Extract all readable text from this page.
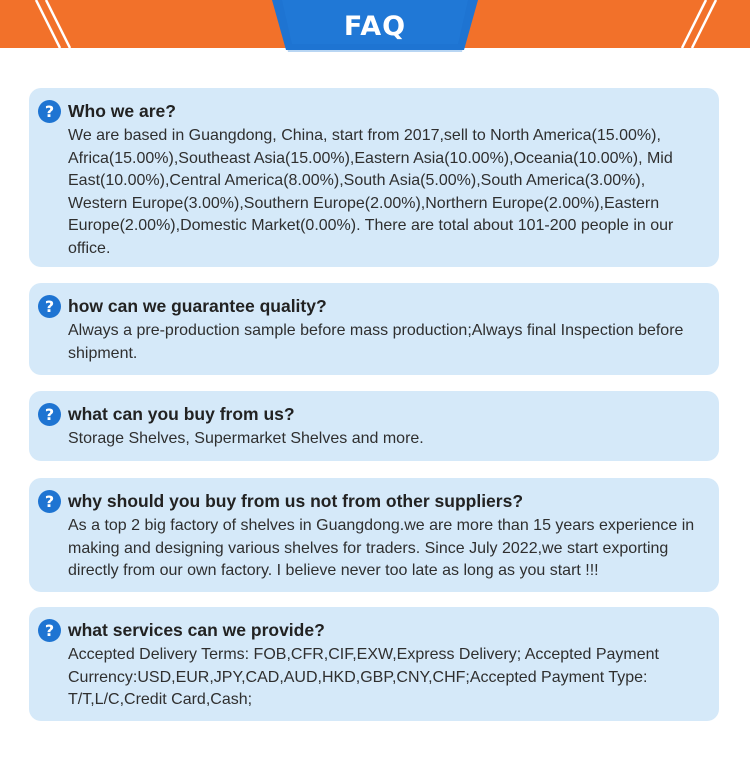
FAQ
? Who we are?
We are based in Guangdong, China, start from 2017,sell to North America(15.00%), Africa(15.00%),Southeast Asia(15.00%),Eastern Asia(10.00%),Oceania(10.00%), Mid East(10.00%),Central America(8.00%),South Asia(5.00%),South America(3.00%), Western Europe(3.00%),Southern Europe(2.00%),Northern Europe(2.00%),Eastern Europe(2.00%),Domestic Market(0.00%). There are total about 101-200 people in our office.
? how can we guarantee quality?
Always a pre-production sample before mass production;Always final Inspection before shipment.
? what can you buy from us?
Storage Shelves, Supermarket Shelves and more.
? why should you buy from us not from other suppliers?
As a top 2 big factory of shelves in Guangdong.we are more than 15 years experience in making and designing various shelves for traders. Since July 2022,we start exporting directly from our own factory. I believe never too late as long as you start !!!
? what services can we provide?
Accepted Delivery Terms: FOB,CFR,CIF,EXW,Express Delivery; Accepted Payment Currency:USD,EUR,JPY,CAD,AUD,HKD,GBP,CNY,CHF;Accepted Payment Type: T/T,L/C,Credit Card,Cash;
